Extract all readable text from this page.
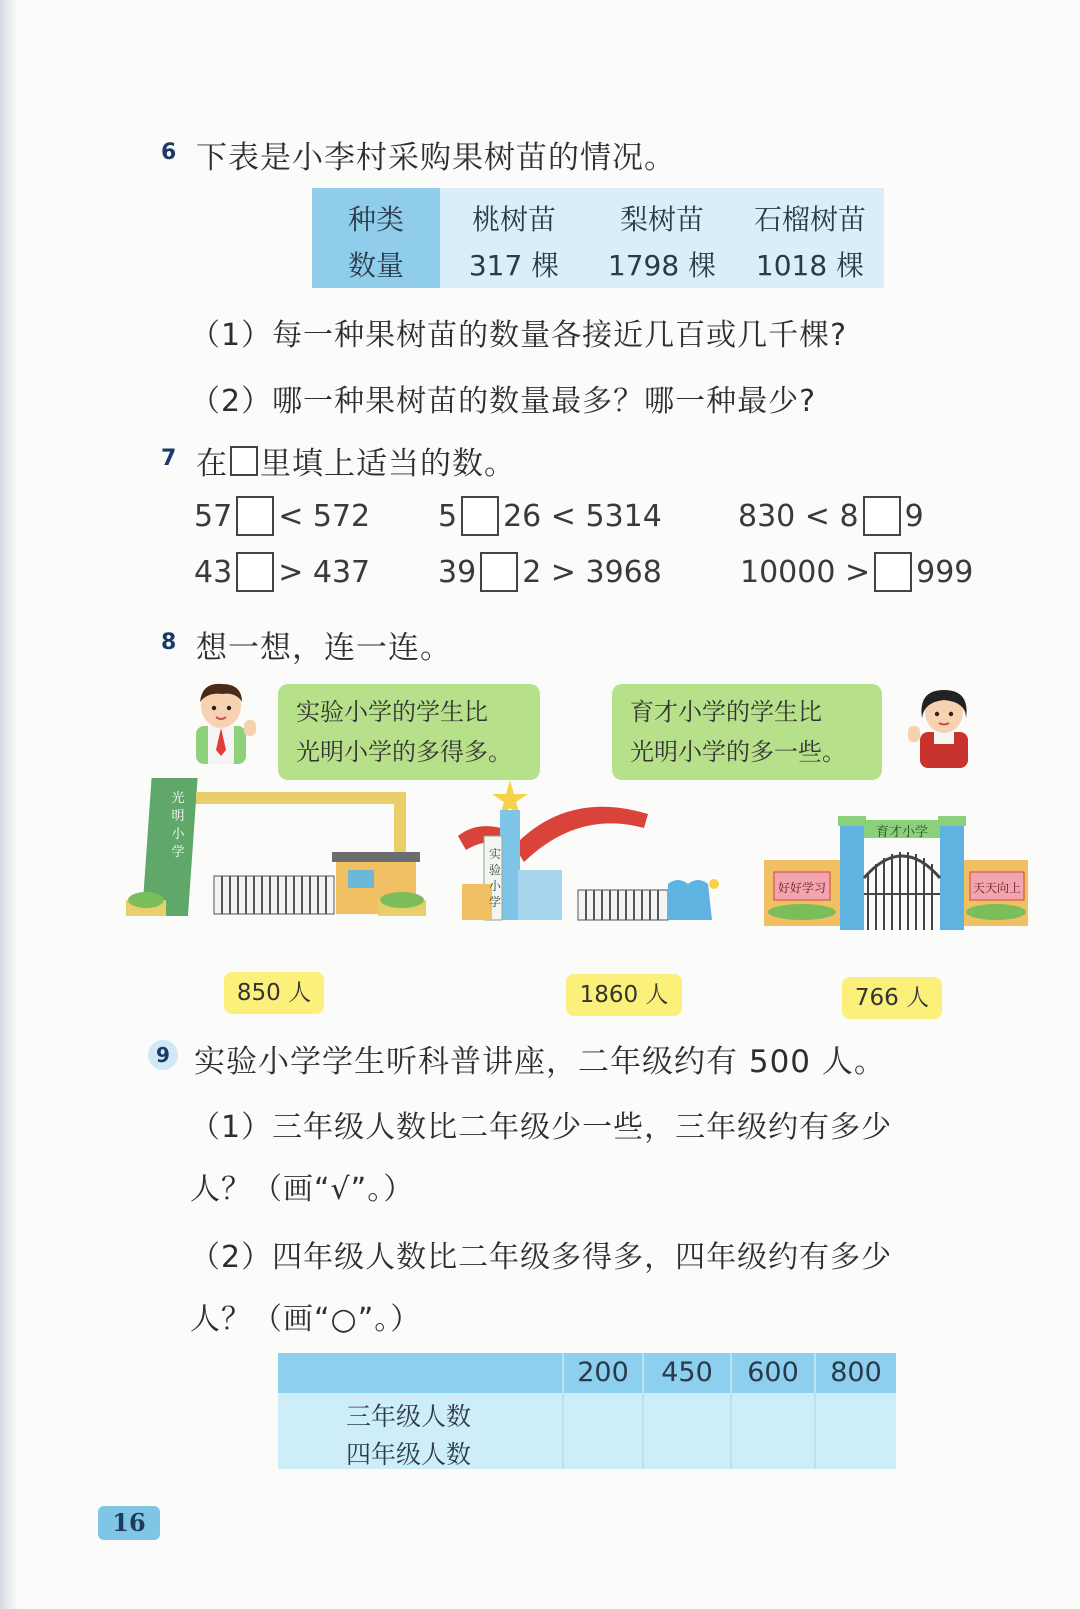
6 下表是小李村采购果树苗的情况。
种类	桃树苗	梨树苗	石榴树苗
数量	317 棵	1798 棵	1018 棵
（1）每一种果树苗的数量各接近几百或几千棵?
（2）哪一种果树苗的数量最多？哪一种最少?
7 在 里填上适当的数。
57 < 572 5 26 < 5314	830 < 8 9
43 > 437 39 2 > 3968	10000 > 999
8 想一想，连一连。
实验小学的学生比
光明小学的多得多。
育才小学的学生比
光明小学的多一些。
光明小学	实验小学
育才小学
好好学习	天天向上
850 人	1860 人	766 人
9 实验小学学生听科普讲座，二年级约有 500 人。
（1）三年级人数比二年级少一些，三年级约有多少
人？（画“√”。）
（2）四年级人数比二年级多得多，四年级约有多少
人？（画“○”。）
200	450	600	800
三年级人数
四年级人数
16
